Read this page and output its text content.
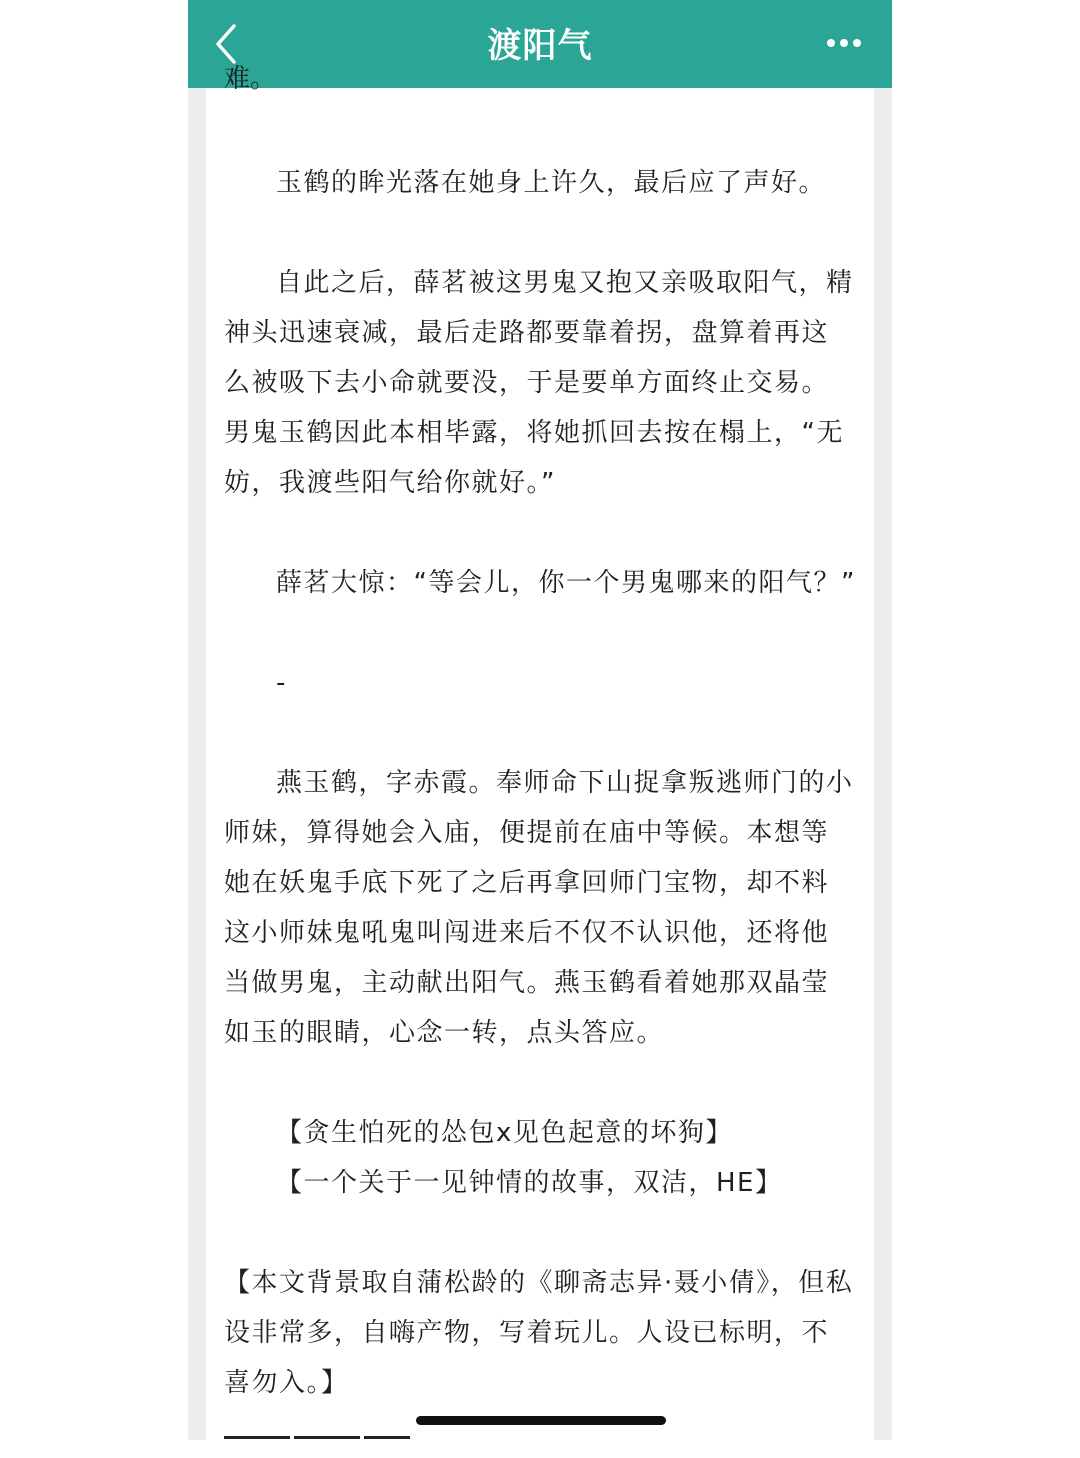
渡阳气
难。

玉鹤的眸光落在她身上许久，最后应了声好。

自此之后，薛茗被这男鬼又抱又亲吸取阳气，精神头迅速衰减，最后走路都要靠着拐，盘算着再这么被吸下去小命就要没，于是要单方面终止交易。男鬼玉鹤因此本相毕露，将她抓回去按在榻上，“无妨，我渡些阳气给你就好。”

薛茗大惊：“等会儿，你一个男鬼哪来的阳气？”

-

燕玉鹤，字赤霞。奉师命下山捉拿叛逃师门的小师妹，算得她会入庙，便提前在庙中等候。本想等她在妖鬼手底下死了之后再拿回师门宝物，却不料这小师妹鬼吼鬼叫闯进来后不仅不认识他，还将他当做男鬼，主动献出阳气。燕玉鹤看着她那双晶莹如玉的眼睛，心念一转，点头答应。

【贪生怕死的怂包x见色起意的坏狗】

【一个关于一见钟情的故事，双洁，HE】

【本文背景取自蒲松龄的《聊斋志异·聂小倩》，但私设非常多，自嗨产物，写着玩儿。人设已标明，不喜勿入。】
